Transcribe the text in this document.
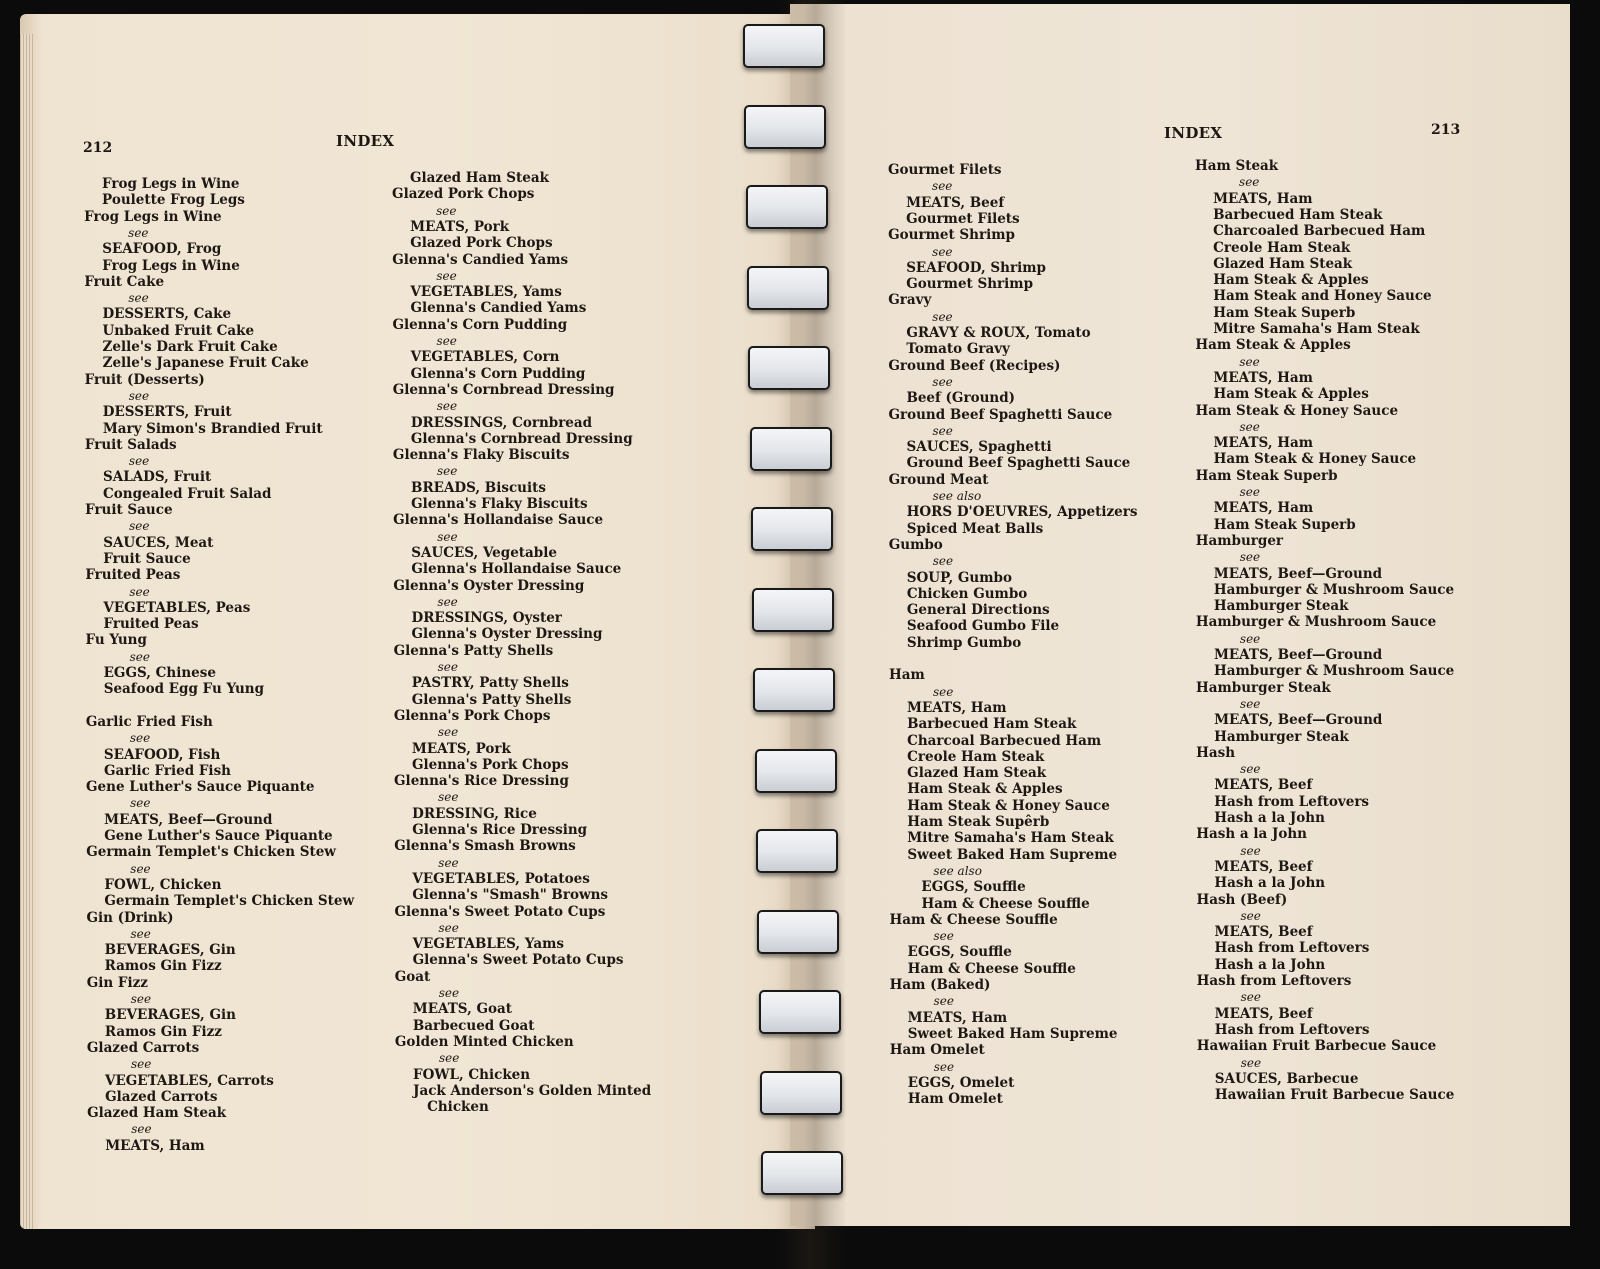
212	INDEX
Frog Legs in Wine
Poulette Frog Legs
Frog Legs in Wine
see
SEAFOOD, Frog
Frog Legs in Wine
Fruit Cake
see
DESSERTS, Cake
Unbaked Fruit Cake
Zelle's Dark Fruit Cake
Zelle's Japanese Fruit Cake
Fruit (Desserts)
see
DESSERTS, Fruit
Mary Simon's Brandied Fruit
Fruit Salads
see
SALADS, Fruit
Congealed Fruit Salad
Fruit Sauce
see
SAUCES, Meat
Fruit Sauce
Fruited Peas
see
VEGETABLES, Peas
Fruited Peas
Fu Yung
see
EGGS, Chinese
Seafood Egg Fu Yung
Garlic Fried Fish
see
SEAFOOD, Fish
Garlic Fried Fish
Gene Luther's Sauce Piquante
see
MEATS, Beef—Ground
Gene Luther's Sauce Piquante
Germain Templet's Chicken Stew
see
FOWL, Chicken
Germain Templet's Chicken Stew
Gin (Drink)
see
BEVERAGES, Gin
Ramos Gin Fizz
Gin Fizz
see
BEVERAGES, Gin
Ramos Gin Fizz
Glazed Carrots
see
VEGETABLES, Carrots
Glazed Carrots
Glazed Ham Steak
see
MEATS, Ham
Glazed Ham Steak
Glazed Pork Chops
see
MEATS, Pork
Glazed Pork Chops
Glenna's Candied Yams
see
VEGETABLES, Yams
Glenna's Candied Yams
Glenna's Corn Pudding
see
VEGETABLES, Corn
Glenna's Corn Pudding
Glenna's Cornbread Dressing
see
DRESSINGS, Cornbread
Glenna's Cornbread Dressing
Glenna's Flaky Biscuits
see
BREADS, Biscuits
Glenna's Flaky Biscuits
Glenna's Hollandaise Sauce
see
SAUCES, Vegetable
Glenna's Hollandaise Sauce
Glenna's Oyster Dressing
see
DRESSINGS, Oyster
Glenna's Oyster Dressing
Glenna's Patty Shells
see
PASTRY, Patty Shells
Glenna's Patty Shells
Glenna's Pork Chops
see
MEATS, Pork
Glenna's Pork Chops
Glenna's Rice Dressing
see
DRESSING, Rice
Glenna's Rice Dressing
Glenna's Smash Browns
see
VEGETABLES, Potatoes
Glenna's "Smash" Browns
Glenna's Sweet Potato Cups
see
VEGETABLES, Yams
Glenna's Sweet Potato Cups
Goat
see
MEATS, Goat
Barbecued Goat
Golden Minted Chicken
see
FOWL, Chicken
Jack Anderson's Golden Minted
Chicken
INDEX	213
Gourmet Filets
see
MEATS, Beef
Gourmet Filets
Gourmet Shrimp
see
SEAFOOD, Shrimp
Gourmet Shrimp
Gravy
see
GRAVY & ROUX, Tomato
Tomato Gravy
Ground Beef (Recipes)
see
Beef (Ground)
Ground Beef Spaghetti Sauce
see
SAUCES, Spaghetti
Ground Beef Spaghetti Sauce
Ground Meat
see also
HORS D'OEUVRES, Appetizers
Spiced Meat Balls
Gumbo
see
SOUP, Gumbo
Chicken Gumbo
General Directions
Seafood Gumbo File
Shrimp Gumbo
Ham
see
MEATS, Ham
Barbecued Ham Steak
Charcoal Barbecued Ham
Creole Ham Steak
Glazed Ham Steak
Ham Steak & Apples
Ham Steak & Honey Sauce
Ham Steak Supêrb
Mitre Samaha's Ham Steak
Sweet Baked Ham Supreme
see also
EGGS, Souffle
Ham & Cheese Souffle
Ham & Cheese Souffle
see
EGGS, Souffle
Ham & Cheese Souffle
Ham (Baked)
see
MEATS, Ham
Sweet Baked Ham Supreme
Ham Omelet
see
EGGS, Omelet
Ham Omelet
Ham Steak
see
MEATS, Ham
Barbecued Ham Steak
Charcoaled Barbecued Ham
Creole Ham Steak
Glazed Ham Steak
Ham Steak & Apples
Ham Steak and Honey Sauce
Ham Steak Superb
Mitre Samaha's Ham Steak
Ham Steak & Apples
see
MEATS, Ham
Ham Steak & Apples
Ham Steak & Honey Sauce
see
MEATS, Ham
Ham Steak & Honey Sauce
Ham Steak Superb
see
MEATS, Ham
Ham Steak Superb
Hamburger
see
MEATS, Beef—Ground
Hamburger & Mushroom Sauce
Hamburger Steak
Hamburger & Mushroom Sauce
see
MEATS, Beef—Ground
Hamburger & Mushroom Sauce
Hamburger Steak
see
MEATS, Beef—Ground
Hamburger Steak
Hash
see
MEATS, Beef
Hash from Leftovers
Hash a la John
Hash a la John
see
MEATS, Beef
Hash a la John
Hash (Beef)
see
MEATS, Beef
Hash from Leftovers
Hash a la John
Hash from Leftovers
see
MEATS, Beef
Hash from Leftovers
Hawaiian Fruit Barbecue Sauce
see
SAUCES, Barbecue
Hawaiian Fruit Barbecue Sauce
